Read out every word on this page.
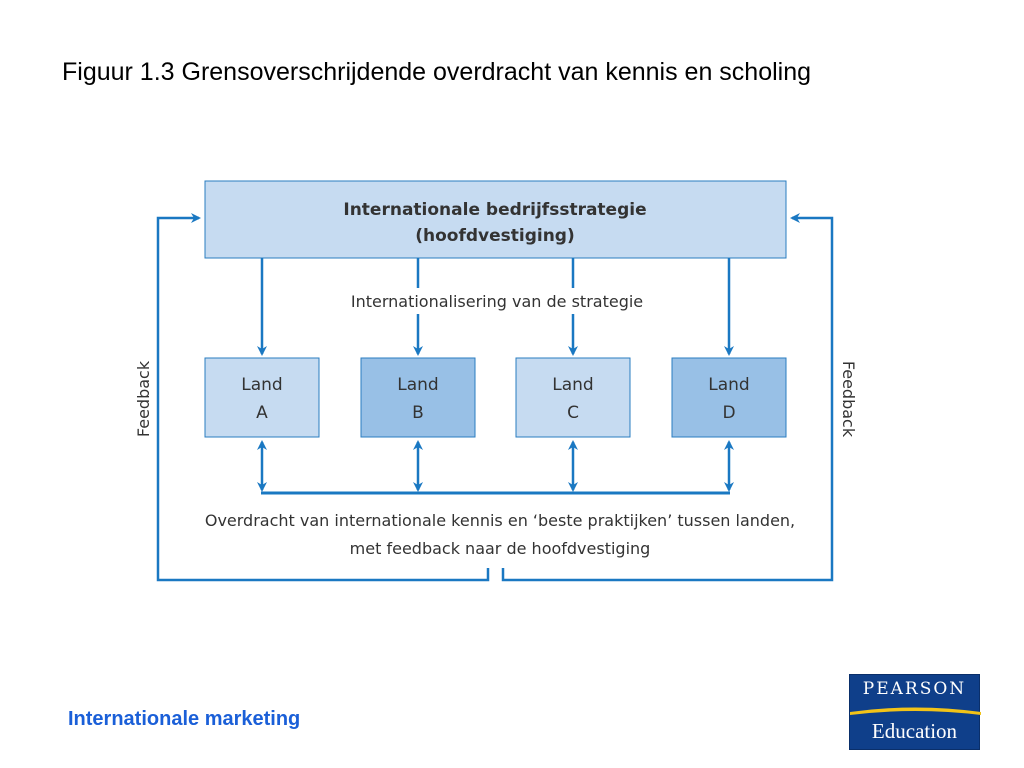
Figuur 1.3 Grensoverschrijdende overdracht van kennis en scholing
Internationale bedrijfsstrategie
(hoofdvestiging)
Internationalisering van de strategie
Land
A
Land
B
Land
C
Land
D
Overdracht van internationale kennis en ‘beste praktijken’ tussen landen,
met feedback naar de hoofdvestiging
Feedback	Feedback
Internationale marketing
PEARSON
Education
